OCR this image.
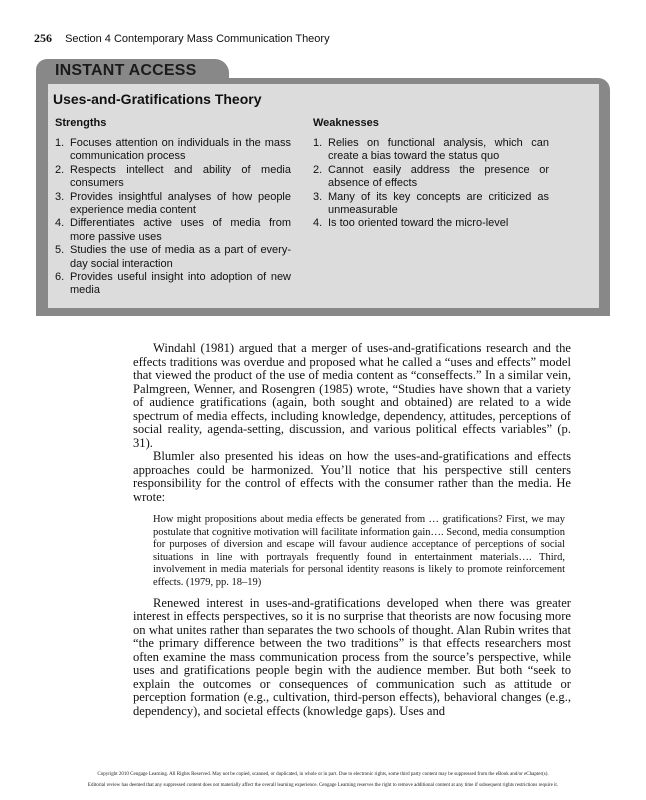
256 Section 4 Contemporary Mass Communication Theory
INSTANT ACCESS
Uses-and-Gratifications Theory
Strengths	Weaknesses
1. Focuses attention on individuals in the mass communication process
2. Respects intellect and ability of media consumers
3. Provides insightful analyses of how people experience media content
4. Differentiates active uses of media from more passive uses
5. Studies the use of media as a part of every-day social interaction
6. Provides useful insight into adoption of new media
1. Relies on functional analysis, which can create a bias toward the status quo
2. Cannot easily address the presence or absence of effects
3. Many of its key concepts are criticized as unmeasurable
4. Is too oriented toward the micro-level

Windahl (1981) argued that a merger of uses-and-gratifications research and the effects traditions was overdue and proposed what he called a “uses and effects” model that viewed the product of the use of media content as “conseffects.” In a similar vein, Palmgreen, Wenner, and Rosengren (1985) wrote, “Studies have shown that a variety of audience gratifications (again, both sought and obtained) are related to a wide spectrum of media effects, including knowledge, dependency, attitudes, perceptions of social reality, agenda-setting, discussion, and various political effects variables” (p. 31).

Blumler also presented his ideas on how the uses-and-gratifications and effects approaches could be harmonized. You’ll notice that his perspective still centers responsibility for the control of effects with the consumer rather than the media. He wrote:

How might propositions about media effects be generated from … gratifications? First, we may postulate that cognitive motivation will facilitate information gain…. Second, media consumption for purposes of diversion and escape will favour audience acceptance of perceptions of social situations in line with portrayals frequently found in entertainment materials…. Third, involvement in media materials for personal identity reasons is likely to promote reinforcement effects. (1979, pp. 18–19)

Renewed interest in uses-and-gratifications developed when there was greater interest in effects perspectives, so it is no surprise that theorists are now focusing more on what unites rather than separates the two schools of thought. Alan Rubin writes that “the primary difference between the two traditions” is that effects researchers most often examine the mass communication process from the source’s perspective, while uses and gratifications people begin with the audience member. But both “seek to explain the outcomes or consequences of communication such as attitude or perception formation (e.g., cultivation, third-person effects), behavioral changes (e.g., dependency), and societal effects (knowledge gaps). Uses and

Copyright 2010 Cengage Learning. All Rights Reserved. May not be copied, scanned, or duplicated, in whole or in part. Due to electronic rights, some third party content may be suppressed from the eBook and/or eChapter(s).
Editorial review has deemed that any suppressed content does not materially affect the overall learning experience. Cengage Learning reserves the right to remove additional content at any time if subsequent rights restrictions require it.
